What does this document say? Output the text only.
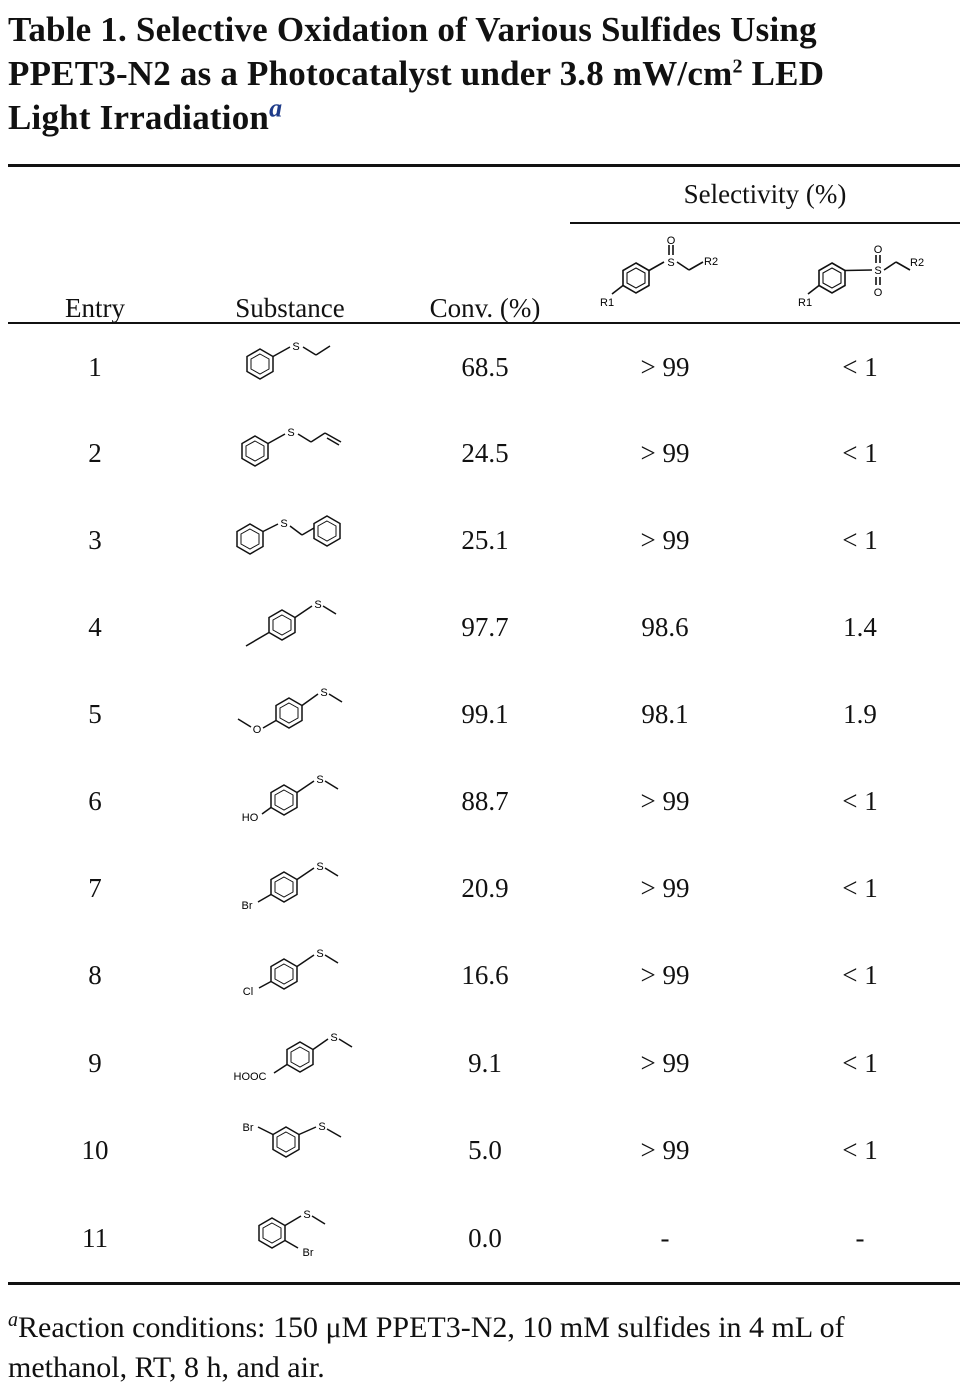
Table 1. Selective Oxidation of Various Sulfides Using
PPET3-N2 as a Photocatalyst under 3.8 $mW/cm^2$ LED
Light Irradiation$^a$
Selectivity (%)
Entry	Substance	Conv. (%)
S
O
R2
R1
S
O
O
R2
R1
1	68.5	> 99	< 1
2	24.5	> 99	< 1
3	25.1	> 99	< 1
4	97.7	98.6	1.4
5	99.1	98.1	1.9
6	88.7	> 99	< 1
7	20.9	> 99	< 1
8	16.6	> 99	< 1
9	9.1	> 99	< 1
10	5.0	> 99	< 1
11	0.0	-	-
S
S
S
S
O
S
HO
S
Br
S
Cl
S
HOOC
S
Br	S
S
Br
$^a$Reaction conditions: 150 μM PPET3-N2, 10 mM sulfides in 4 mL of
methanol, RT, 8 h, and air.
